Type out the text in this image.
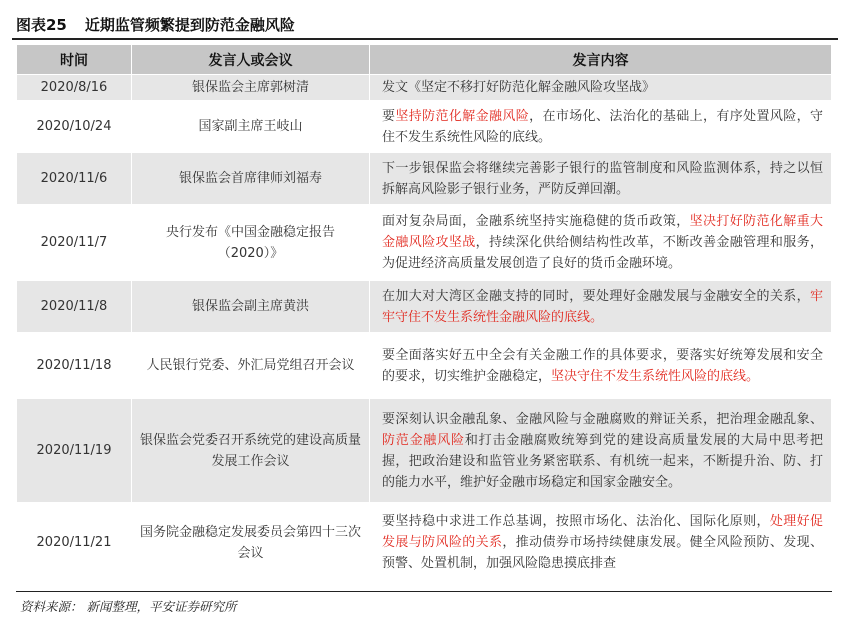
图表25 近期监管频繁提到防范金融风险
时间	发言人或会议	发言内容
2020/8/16	银保监会主席郭树清	发文《坚定不移打好防范化解金融风险攻坚战》
2020/10/24	国家副主席王岐山	要坚持防范化解金融风险，在市场化、法治化的基础上，有序处置风险，守住不发生系统性风险的底线。
2020/11/6	银保监会首席律师刘福寿	下一步银保监会将继续完善影子银行的监管制度和风险监测体系，持之以恒拆解高风险影子银行业务，严防反弹回潮。
2020/11/7	央行发布《中国金融稳定报告（2020）》	面对复杂局面，金融系统坚持实施稳健的货币政策，坚决打好防范化解重大金融风险攻坚战，持续深化供给侧结构性改革，不断改善金融管理和服务，为促进经济高质量发展创造了良好的货币金融环境。
2020/11/8	银保监会副主席黄洪	在加大对大湾区金融支持的同时，要处理好金融发展与金融安全的关系，牢牢守住不发生系统性金融风险的底线。
2020/11/18	人民银行党委、外汇局党组召开会议	要全面落实好五中全会有关金融工作的具体要求，要落实好统筹发展和安全的要求，切实维护金融稳定，坚决守住不发生系统性风险的底线。
2020/11/19	银保监会党委召开系统党的建设高质量发展工作会议	要深刻认识金融乱象、金融风险与金融腐败的辩证关系，把治理金融乱象、防范金融风险和打击金融腐败统筹到党的建设高质量发展的大局中思考把握，把政治建设和监管业务紧密联系、有机统一起来，不断提升治、防、打的能力水平，维护好金融市场稳定和国家金融安全。
2020/11/21	国务院金融稳定发展委员会第四十三次会议	要坚持稳中求进工作总基调，按照市场化、法治化、国际化原则，处理好促发展与防风险的关系，推动债券市场持续健康发展。健全风险预防、发现、预警、处置机制，加强风险隐患摸底排查
资料来源： 新闻整理，平安证券研究所
